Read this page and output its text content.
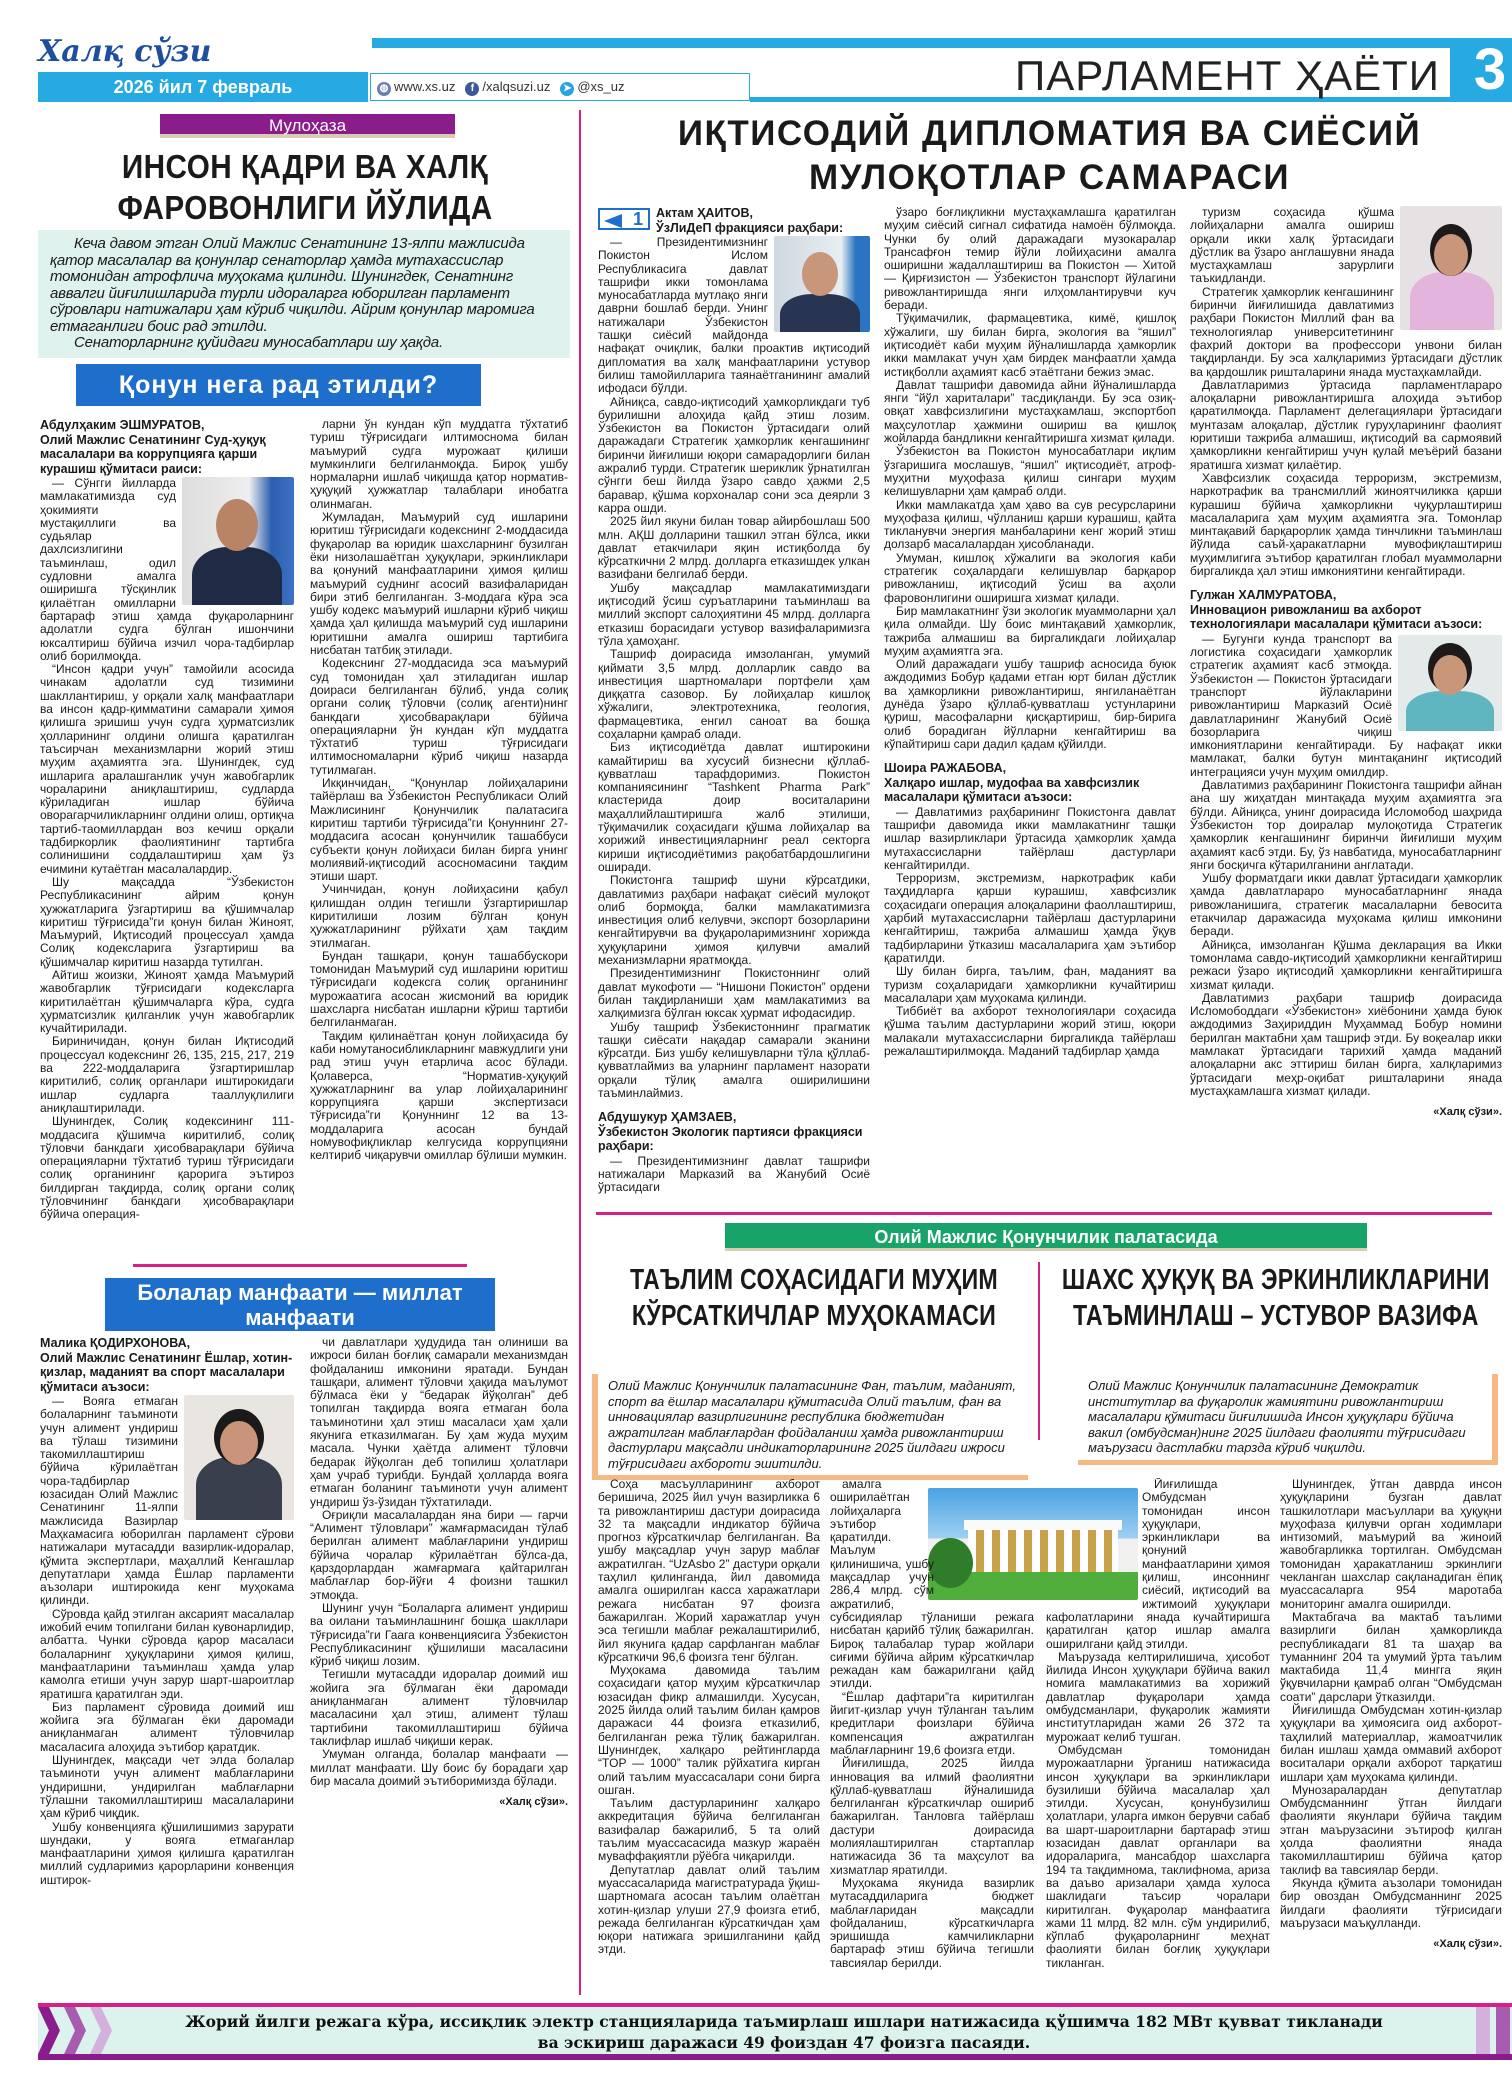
Халқ сўзи
2026 йил 7 февраль	◍ www.xs.uz	f /xalqsuzi.uz ➤ @xs_uz	ПАРЛАМЕНТ ҲАЁТИ 3
Мулоҳаза
ИНСОН ҚАДРИ ВА ХАЛҚ ФАРОВОНЛИГИ ЙЎЛИДА

Кеча давом этган Олий Мажлис Сенатининг 13-ялпи мажлисида қатор масалалар ва қонунлар сенаторлар ҳамда мутахассислар томонидан атрофлича муҳокама қилинди. Шунингдек, Сенатнинг аввалги йиғилишларида турли идораларга юборилган парламент сўровлари натижалари ҳам кўриб чиқилди. Айрим қонунлар маромига етмаганлиги боис рад этилди.

Сенаторларнинг қуйидаги муносабатлари шу ҳақда.

Қонун нега рад этилди?
Абдулҳаким ЭШМУРАТОВ,
Олий Мажлис Сенатининг Суд-ҳуқуқ масалалари ва коррупцияга қарши курашиш қўмитаси раиси:

— Сўнгги йилларда мамлакатимизда суд ҳокимияти мустақиллиги ва судьялар дахлсизлигини таъминлаш, одил судловни амалга оширишга тўсқинлик қилаётган омилларни бартараф этиш ҳамда фуқароларнинг адолатли судга бўлган ишончини юксалтириш бўйича изчил чора-тадбирлар олиб борилмоқда.

“Инсон қадри учун” тамойили асосида чинакам адолатли суд тизимини шакллантириш, у орқали халқ манфаатлари ва инсон қадр-қимматини самарали ҳимоя қилишга эришиш учун судга ҳурматсизлик ҳолларининг олдини олишга қаратилган таъсирчан механизмларни жорий этиш муҳим аҳамиятга эга. Шунингдек, суд ишларига аралашганлик учун жавобгарлик чораларини аниқлаштириш, судларда кўриладиган ишлар бўйича оворагарчиликларнинг олдини олиш, ортиқча тартиб-таомиллардан воз кечиш орқали тадбиркорлик фаолиятининг тартибга солинишини соддалаштириш ҳам ўз ечимини кутаётган масалалардир.

Шу мақсадда “Ўзбекистон Республикасининг айрим қонун ҳужжатларига ўзгартириш ва қўшимчалар киритиш тўғрисида”ги қонун билан Жиноят, Маъмурий, Иқтисодий процессуал ҳамда Солиқ кодексларига ўзгартириш ва қўшимчалар киритиш назарда тутилган.

Айтиш жоизки, Жиноят ҳамда Маъмурий жавобгарлик тўғрисидаги кодексларга киритилаётган қўшимчаларга кўра, судга ҳурматсизлик қилганлик учун жавобгарлик кучайтирилади.

Бириничидан, қонун билан Иқтисодий процессуал кодекснинг 26, 135, 215, 217, 219 ва 222-моддаларига ўзгартиришлар киритилиб, солиқ органлари иштирокидаги ишлар судларга тааллуқлилиги аниқлаштирилади.

Шунингдек, Солиқ кодексининг 111-моддасига қўшимча киритилиб, солиқ тўловчи банкдаги ҳисобварақлари бўйича операцияларни тўхтатиб туриш тўғрисидаги солиқ органининг қарорига эътироз билдирган тақдирда, солиқ органи солиқ тўловчининг банкдаги ҳисобварақлари бўйича операция-

ларни ўн кундан кўп муддатга тўхтатиб туриш тўғрисидаги илтимоснома билан маъмурий судга мурожаат қилиши мумкинлиги белгиланмоқда. Бироқ ушбу нормаларни ишлаб чиқишда қатор норматив-ҳуқуқий ҳужжатлар талаблари инобатга олинмаган.

Жумладан, Маъмурий суд ишларини юритиш тўғрисидаги кодекснинг 2-моддасида фуқаролар ва юридик шахсларнинг бузилган ёки низолашаётган ҳуқуқлари, эркинликлари ва қонуний манфаатларини ҳимоя қилиш маъмурий суднинг асосий вазифаларидан бири этиб белгиланган. 3-моддага кўра эса ушбу кодекс маъмурий ишларни кўриб чиқиш ҳамда ҳал қилишда маъмурий суд ишларини юритишни амалга ошириш тартибига нисбатан татбиқ этилади.

Кодекснинг 27-моддасида эса маъмурий суд томонидан ҳал этиладиган ишлар доираси белгиланган бўлиб, унда солиқ органи солиқ тўловчи (солиқ агенти)нинг банкдаги ҳисобварақлари бўйича операцияларни ўн кундан кўп муддатга тўхтатиб туриш тўғрисидаги илтимосномаларни кўриб чиқиш назарда тутилмаган.

Икқинчидан, “Қонунлар лойиҳаларини тайёрлаш ва Ўзбекистон Республикаси Олий Мажлисининг Қонунчилик палатасига киритиш тартиби тўғрисида”ги Қонуннинг 27-моддасига асосан қонунчилик ташаббуси субъекти қонун лойиҳаси билан бирга унинг молиявий-иқтисодий асосномасини тақдим этиши шарт.

Учинчидан, қонун лойиҳасини қабул қилишдан олдин тегишли ўзгартиришлар киритилиши лозим бўлган қонун ҳужжатларининг рўйхати ҳам тақдим этилмаган.

Бундан ташқари, қонун ташаббускори томонидан Маъмурий суд ишларини юритиш тўғрисидаги кодексга солиқ органининг мурожаатига асосан жисмоний ва юридик шахсларга нисбатан ишларни кўриш тартиби белгиланмаган.

Тақдим қилинаётган қонун лойиҳасида бу каби номутаносибликларнинг мавжудлиги уни рад этиш учун етарлича асос бўлади. Қолаверса, “Норматив-ҳуқуқий ҳужжатларнинг ва улар лойиҳаларининг коррупцияга қарши экспертизаси тўғрисида”ги Қонуннинг 12 ва 13-моддаларига асосан бундай номувофиқликлар келгусида коррупцияни келтириб чиқарувчи омиллар бўлиши мумкин.

Болалар манфаати — миллат манфаати
Малика ҚОДИРХОНОВА,
Олий Мажлис Сенатининг Ёшлар, хотин-қизлар, маданият ва спорт масалалари қўмитаси аъзоси:

— Вояга етмаган болаларнинг таъминоти учун алимент ундириш ва тўлаш тизимини такомиллаштириш бўйича кўрилаётган чора-тадбирлар юзасидан Олий Мажлис Сенатининг 11-ялпи мажлисида Вазирлар Маҳкамасига юборилган парламент сўрови натижалари мутасадди вазирлик-идоралар, қўмита экспертлари, маҳаллий Кенгашлар депутатлари ҳамда Ёшлар парламенти аъзолари иштирокида кенг муҳокама қилинди.

Сўровда қайд этилган аксарият масалалар ижобий ечим топилгани билан кувонарлидир, албатта. Чунки сўровда қарор масаласи болаларнинг ҳуқуқларини ҳимоя қилиш, манфаатларини таъминлаш ҳамда улар камолга етиши учун зарур шарт-шароитлар яратишга қаратилган эди.

Биз парламент сўровида доимий иш жойига эга бўлмаган ёки даромади аниқланмаган алимент тўловчилар масаласига алоҳида эътибор қаратдик.

Шунингдек, мақсади чет элда болалар таъминоти учун алимент маблағларини ундиришни, ундирилган маблағларни тўлашни такомиллаштириш масалаларини ҳам кўриб чиқдик.

Ушбу конвенцияга қўшилишимиз зарурати шундаки, у вояга етмаганлар манфаатларини ҳимоя қилишга қаратилган миллий судларимиз қарорларини конвенция иштирок-

чи давлатлари ҳудудида тан олиниши ва ижроси билан боғлиқ самарали механизмдан фойдаланиш имконини яратади. Бундан ташқари, алимент тўловчи ҳақида маълумот бўлмаса ёки у “бедарак йўқолган” деб топилган тақдирда вояга етмаган бола таъминотини ҳал этиш масаласи ҳам ҳали якунига етказилмаган. Бу ҳам жуда муҳим масала. Чунки ҳаётда алимент тўловчи бедарак йўқолган деб топилиш ҳолатлари ҳам учраб турибди. Бундай ҳолларда вояга етмаган боланинг таъминоти учун алимент ундириш ўз-ўзидан тўхтатилади.

Оғриқли масалалардан яна бири — гарчи “Алимент тўловлари” жамғармасидан тўлаб берилган алимент маблағларини ундириш бўйича чоралар кўрилаётган бўлса-да, қарздорлардан жамғармага қайтарилган маблағлар бор-йўғи 4 фоизни ташкил этмоқда.

Шунинг учун “Болаларга алимент ундириш ва оилани таъминлашнинг бошқа шакллари тўғрисида”ги Гаага конвенциясига Ўзбекистон Республикасининг қўшилиши масаласини кўриб чиқиш лозим.

Тегишли мутасадди идоралар доимий иш жойига эга бўлмаган ёки даромади аниқланмаган алимент тўловчилар масаласини ҳал этиш, алимент тўлаш тартибини такомиллаштириш бўйича таклифлар ишлаб чиқиши керак.

Умуман олганда, болалар манфаати — миллат манфаати. Шу боис бу борадаги ҳар бир масала доимий эътиборимизда бўлади.

«Халқ сўзи».

ИҚТИСОДИЙ ДИПЛОМАТИЯ ВА СИЁСИЙ МУЛОҚОТЛАР САМАРАСИ
1	Актам ҲАИТОВ,
ЎзЛиДеП фракцияси раҳбари:

— Президентимизнинг Покистон Ислом Республикасига давлат ташрифи икки томонлама муносабатларда мутлақо янги даврни бошлаб берди. Унинг натижалари Ўзбекистон ташқи сиёсий майдонда нафақат очиқлик, балки проактив иқтисодий дипломатия ва халқ манфаатларини устувор билиш тамойилларига таянаётганининг амалий ифодаси бўлди.

Айниқса, савдо-иқтисодий ҳамкорликдаги туб бурилишни алоҳида қайд этиш лозим. Ўзбекистон ва Покистон ўртасидаги олий даражадаги Стратегик ҳамкорлик кенгашининг биринчи йиғилиши юқори самарадорлиги билан ажралиб турди. Стратегик шериклик ўрнатилган сўнгги беш йилда ўзаро савдо ҳажми 2,5 баравар, қўшма корхоналар сони эса деярли 3 карра ошди.

2025 йил якуни билан товар айирбошлаш 500 млн. АҚШ долларини ташкил этган бўлса, икки давлат етакчилари яқин истиқболда бу кўрсаткични 2 млрд. долларга етказишдек улкан вазифани белгилаб берди.

Ушбу мақсадлар мамлакатимиздаги иқтисодий ўсиш суръатларини таъминлаш ва миллий экспорт салоҳиятини 45 млрд. долларга етказиш борасидаги устувор вазифаларимизга тўла ҳамоҳанг.

Ташриф доирасида имзоланган, умумий қиймати 3,5 млрд. долларлик савдо ва инвестиция шартномалари портфели ҳам диққатга сазовор. Бу лойиҳалар кишлоқ хўжалиги, электротехника, геология, фармацевтика, енгил саноат ва бошқа соҳаларни қамраб олади.

Биз иқтисодиётда давлат иштирокини камайтириш ва хусусий бизнесни қўллаб-қувватлаш тарафдоримиз. Покистон компаниясининг “Tashkent Pharma Park” кластерида доир воситаларини маҳаллийлаштиришга жалб этилиши, тўқимачилик соҳасидаги қўшма лойиҳалар ва хорижий инвестицияларнинг реал секторга кириши иқтисодиётимиз рақобатбардошлигини оширади.

Покистонга ташриф шуни кўрсатдики, давлатимиз раҳбари нафақат сиёсий мулоқот олиб бормоқда, балки мамлакатимизга инвестиция олиб келувчи, экспорт бозорларини кенгайтирувчи ва фуқароларимизнинг хорижда ҳуқуқларини ҳимоя қилувчи амалий механизмларни яратмоқда.

Президентимизнинг Покистоннинг олий давлат мукофоти — “Нишони Покистон” ордени билан тақдирланиши ҳам мамлакатимиз ва халқимизга бўлган юксак ҳурмат ифодасидир.

Ушбу ташриф Ўзбекистоннинг прагматик ташқи сиёсати нақадар самарали эканини кўрсатди. Биз ушбу келишувларни тўла қўллаб-қувватлаймиз ва уларнинг парламент назорати орқали тўлиқ амалга оширилишини таъминлаймиз.

Абдушукур ҲАМЗАЕВ,
Ўзбекистон Экологик партияси фракцияси раҳбари:

— Президентимизнинг давлат ташрифи натижалари Марказий ва Жанубий Осиё ўртасидаги

ўзаро боғлиқликни мустаҳкамлашга қаратилган муҳим сиёсий сигнал сифатида намоён бўлмоқда. Чунки бу олий даражадаги музокаралар Трансафғон темир йўли лойиҳасини амалга оширишни жадаллаштириш ва Покистон — Хитой — Қирғизистон — Ўзбекистон транспорт йўлагини ривожлантиришда янги илҳомлантирувчи куч беради.

Тўқимачилик, фармацевтика, кимё, қишлоқ хўжалиги, шу билан бирга, экология ва “яшил” иқтисодиёт каби муҳим йўналишларда ҳамкорлик икки мамлакат учун ҳам бирдек манфаатли ҳамда истиқболли аҳамият касб этаётгани бежиз эмас.

Давлат ташрифи давомида айни йўналишларда янги “йўл хариталари” тасдиқланди. Бу эса озиқ-овқат хавфсизлигини мустаҳкамлаш, экспортбоп маҳсулотлар ҳажмини ошириш ва қишлоқ жойларда бандликни кенгайтиришга хизмат қилади.

Ўзбекистон ва Покистон муносабатлари иқлим ўзгаришига мослашув, “яшил” иқтисодиёт, атроф-муҳитни муҳофаза қилиш сингари муҳим келишувларни ҳам қамраб олди.

Икки мамлакатда ҳам ҳаво ва сув ресурсларини муҳофаза қилиш, чўлланиш қарши курашиш, қайта тикланувчи энергия манбаларини кенг жорий этиш долзарб масалалардан ҳисобланади.

Умуман, кишлоқ хўжалиги ва экология каби стратегик соҳалардаги келишувлар барқарор ривожланиш, иқтисодий ўсиш ва аҳоли фаровонлигини оширишга хизмат қилади.

Бир мамлакатнинг ўзи экологик муаммоларни ҳал қила олмайди. Шу боис минтақавий ҳамкорлик, тажриба алмашиш ва биргаликдаги лойиҳалар муҳим аҳамиятга эга.

Олий даражадаги ушбу ташриф асносида буюк аждодимиз Бобур қадами етган юрт билан дўстлик ва ҳамкорликни ривожлантириш, янгиланаётган дунёда ўзаро қўллаб-қувватлаш устунларини қуриш, масофаларни қисқартириш, бир-бирига олиб борадиган йўлларни кенгайтириш ва кўпайтириш сари дадил қадам қўйилди.

Шоира РАЖАБОВА,
Халқаро ишлар, мудофаа ва хавфсизлик масалалари қўмитаси аъзоси:

— Давлатимиз раҳбарининг Покистонга давлат ташрифи давомида икки мамлакатнинг ташқи ишлар вазирликлари ўртасида ҳамкорлик ҳамда мутахассисларни тайёрлаш дастурлари кенгайтирилди.

Терроризм, экстремизм, наркотрафик каби таҳдидларга қарши курашиш, хавфсизлик соҳасидаги операция алоқаларини фаоллаштириш, ҳарбий мутахассисларни тайёрлаш дастурларини кенгайтириш, тажриба алмашиш ҳамда ўқув тадбирларини ўтказиш масалаларига ҳам эътибор қаратилди.

Шу билан бирга, таълим, фан, маданият ва туризм соҳаларидаги ҳамкорликни кучайтириш масалалари ҳам муҳокама қилинди.

Тиббиёт ва ахборот технологиялари соҳасида қўшма таълим дастурларини жорий этиш, юқори малакали мутахассисларни биргаликда тайёрлаш режалаштирилмоқда. Маданий тадбирлар ҳамда

туризм соҳасида қўшма лойиҳаларни амалга ошириш орқали икки халқ ўртасидаги дўстлик ва ўзаро англашувни янада мустаҳкамлаш зарурлиги таъкидланди.

Стратегик ҳамкорлик кенгашининг биринчи йиғилишида давлатимиз раҳбари Покистон Миллий фан ва технологиялар университетининг фахрий доктори ва профессори унвони билан тақдирланди. Бу эса халқларимиз ўртасидаги дўстлик ва қардошлик ришталарини янада мустаҳкамлайди.

Давлатларимиз ўртасида парламентлараро алоқаларни ривожлантиришга алоҳида эътибор қаратилмоқда. Парламент делегациялари ўртасидаги мунтазам алоқалар, дўстлик гуруҳларининг фаолият юритиши тажриба алмашиш, иқтисодий ва сармоявий ҳамкорликни кенгайтириш учун қулай меъёрий базани яратишга хизмат қилаётир.

Хавфсизлик соҳасида терроризм, экстремизм, наркотрафик ва трансмиллий жиноятчиликка қарши курашиш бўйича ҳамкорликни чуқурлаштириш масалаларига ҳам муҳим аҳамиятга эга. Томонлар минтақавий барқарорлик ҳамда тинчликни таъминлаш йўлида саъй-ҳаракатларни мувофиқлаштириш муҳимлигига эътибор қаратилган глобал муаммоларни биргаликда ҳал этиш имкониятини кенгайтиради.

Гулжан ХАЛМУРАТОВА,
Инновацион ривожланиш ва ахборот технологиялари масалалари қўмитаси аъзоси:

— Бугунги кунда транспорт ва логистика соҳасидаги ҳамкорлик стратегик аҳамият касб этмоқда. Ўзбекистон — Покистон ўртасидаги транспорт йўлакларини ривожлантириш Марказий Осиё давлатларининг Жанубий Осиё бозорларига чиқиш имкониятларини кенгайтиради. Бу нафақат икки мамлакат, балки бутун минтақанинг иқтисодий интеграцияси учун муҳим омилдир.

Давлатимиз раҳбарининг Покистонга ташрифи айнан ана шу жиҳатдан минтақада муҳим аҳамиятга эга бўлди. Айниқса, унинг доирасида Исломобод шаҳрида Ўзбекистон тор доиралар мулоқотида Стратегик ҳамкорлик кенгашининг биринчи йиғилиши муҳим аҳамият касб этди. Бу, ўз навбатида, муносабатларнинг янги босқичга кўтарилганини англатади.

Ушбу форматдаги икки давлат ўртасидаги ҳамкорлик ҳамда давлатлараро муносабатларнинг янада ривожланишига, стратегик масалаларни бевосита етакчилар даражасида муҳокама қилиш имконини беради.

Айниқса, имзоланган Қўшма декларация ва Икки томонлама савдо-иқтисодий ҳамкорликни кенгайтириш режаси ўзаро иқтисодий ҳамкорликни кенгайтиришга хизмат қилади.

Давлатимиз раҳбари ташриф доирасида Исломободдаги «Ўзбекистон» хиёбонини ҳамда буюк аждодимиз Заҳириддин Муҳаммад Бобур номини берилган мактабни ҳам ташриф этди. Бу воқеалар икки мамлакат ўртасидаги тарихий ҳамда маданий алоқаларни акс эттириш билан бирга, халқларимиз ўртасидаги меҳр-оқибат ришталарини янада мустаҳкамлашга хизмат қилади.

«Халқ сўзи».

Олий Мажлис Қонунчилик палатасида
ТАЪЛИМ СОҲАСИДАГИ МУҲИМ КЎРСАТКИЧЛАР МУҲОКАМАСИ
ШАХС ҲУҚУҚ ВА ЭРКИНЛИКЛАРИНИ ТАЪМИНЛАШ – УСТУВОР ВАЗИФА
Олий Мажлис Қонунчилик палатасининг Фан, таълим, маданият, спорт ва ёшлар масалалари қўмитасида Олий таълим, фан ва инновациялар вазирлигининг республика бюджетидан ажратилган маблағлардан фойдаланиш ҳамда ривожлантириш дастурлари мақсадли индикаторларининг 2025 йилдаги ижроси тўғрисидаги ахбороти эшитилди.
Олий Мажлис Қонунчилик палатасининг Демократик институтлар ва фуқаролик жамиятини ривожлантириш масалалари қўмитаси йиғилишида Инсон ҳуқуқлари бўйича вакил (омбудсман)нинг 2025 йилдаги фаолияти тўғрисидаги маърузаси дастлабки тарзда кўриб чиқилди.

Соҳа масъулларининг ахборот беришича, 2025 йил учун вазирликка 6 та ривожлантириш дастури доирасида 32 та мақсадли индикатор бўйича прогноз кўрсаткичлар белгиланган. Ва ушбу мақсадлар учун зарур маблағ ажратилган. “UzAsbo 2” дастури орқали таҳлил қилинганда, йил давомида амалга оширилган касса харажатлари режага нисбатан 97 фоизга бажарилган. Жорий харажатлар учун эса тегишли маблағ режалаштирилиб, йил якунига қадар сарфланган маблағ кўрсаткичи 96,6 фоизга тенг бўлган.

Муҳокама давомида таълим соҳасидаги қатор муҳим кўрсаткичлар юзасидан фикр алмашилди. Хусусан, 2025 йилда олий таълим билан қамров даражаси 44 фоизга етказилиб, белгиланган режа тўлиқ бажарилган. Шунингдек, халқаро рейтингларда “TOP — 1000” талик рўйхатига кирган олий таълим муассасалари сони бирга ошган.

Таълим дастурларининг халқаро аккредитация бўйича белгиланган вазифалар бажарилиб, 5 та олий таълим муассасасида мазкур жараён муваффақиятли рўёбга чиқарилди.

Депутатлар давлат олий таълим муассасаларида магистратурада ўқиш-шартномага асосан таълим олаётган хотин-қизлар улуши 27,9 фоизга етиб, режада белгиланган кўрсаткичдан ҳам юқори натижага эришилганини қайд этди.

амалга оширилаётган лойиҳаларга эътибор қаратилди. Маълум қилинишича, ушбу мақсадлар учун 286,4 млрд. сўм ажратилиб, субсидиялар тўланиши режага нисбатан қарийб тўлиқ бажарилган. Бироқ талабалар турар жойлари сиғими бўйича айрим кўрсаткичлар режадан кам бажарилгани қайд этилди.

“Ёшлар дафтари”га киритилган йигит-қизлар учун тўланган таълим кредитлари фоизлари бўйича компенсация ажратилган маблағларнинг 19,6 фоизга етди.

Йиғилишда, 2025 йилда инновация ва илмий фаолиятни қўллаб-қувватлаш йўналишида белгиланган кўрсаткичлар ошириб бажарилган. Танловга тайёрлаш дастури доирасида молиялаштирилган стартаплар натижасида 36 та маҳсулот ва хизматлар яратилди.

Муҳокама якунида вазирлик мутасаддиларига бюджет маблағларидан мақсадли фойдаланиш, кўрсаткичларга эришишда камчиликларни бартараф этиш бўйича тегишли тавсиялар берилди.

Йиғилишда Омбудсман томонидан инсон ҳуқуқлари, эркинликлари ва қонуний манфаатларини ҳимоя қилиш, инсоннинг сиёсий, иқтисодий ва ижтимоий ҳуқуқлари кафолатларини янада кучайтиришга қаратилган қатор ишлар амалга оширилгани қайд этилди.

Маърузада келтирилишича, ҳисобот йилида Инсон ҳуқуқлари бўйича вакил номига мамлакатимиз ва хорижий давлатлар фуқаролари ҳамда омбудсманлари, фуқаролик жамияти институтларидан жами 26 372 та мурожаат келиб тушган.

Омбудсман томонидан мурожаатларни ўрганиш натижасида инсон ҳуқуқлари ва эркинликлари бузилиши бўйича масалалар ҳал этилди. Хусусан, қонунбузилиш ҳолатлари, уларга имкон берувчи сабаб ва шарт-шароитларни бартараф этиш юзасидан давлат органлари ва идораларига, мансабдор шахсларга 194 та тақдимнома, таклифнома, ариза ва даъво аризалари ҳамда хулоса шаклидаги таъсир чоралари киритилган. Фуқаролар манфаатига жами 11 млрд. 82 млн. сўм ундирилиб, кўплаб фуқароларнинг меҳнат фаолияти билан боғлиқ ҳуқуқлари тикланган.

Шунингдек, ўтган даврда инсон ҳуқуқларини бузган давлат ташкилотлари масъуллари ва ҳуқуқни муҳофаза қилувчи орган ходимлари интизомий, маъмурий ва жиноий жавобгарликка тортилган. Омбудсман томонидан ҳаракатланиш эркинлиги чекланган шахслар сақланадиган ёпиқ муассасаларга 954 маротаба мониторинг амалга оширилди.

Мактабгача ва мактаб таълими вазирлиги билан ҳамкорликда республикадаги 81 та шаҳар ва туманнинг 204 та умумий ўрта таълим мактабида 11,4 мингга яқин ўқувчиларни қамраб олган “Омбудсман соати” дарслари ўтказилди.

Йиғилишда Омбудсман хотин-қизлар ҳуқуқлари ва ҳимоясига оид ахборот-таҳлилий материаллар, жамоатчилик билан ишлаш ҳамда оммавий ахборот воситалари орқали ахборот тарқатиш ишлари ҳам муҳокама қилинди.

Мунозаралардан депутатлар Омбудсманнинг ўтган йилдаги фаолияти якунлари бўйича тақдим этган маърузасини эътироф қилган ҳолда фаолиятни янада такомиллаштириш бўйича қатор таклиф ва тавсиялар берди.

Якунда қўмита аъзолари томонидан бир овоздан Омбудсманнинг 2025 йилдаги фаолияти тўғрисидаги маърузаси маъқулланди.

«Халқ сўзи».

Жорий йилги режага кўра, иссиқлик электр станцияларида таъмирлаш ишлари натижасида қўшимча 182 МВт қувват тикланади ва эскириш даражаси 49 фоиздан 47 фоизга пасаяди.
